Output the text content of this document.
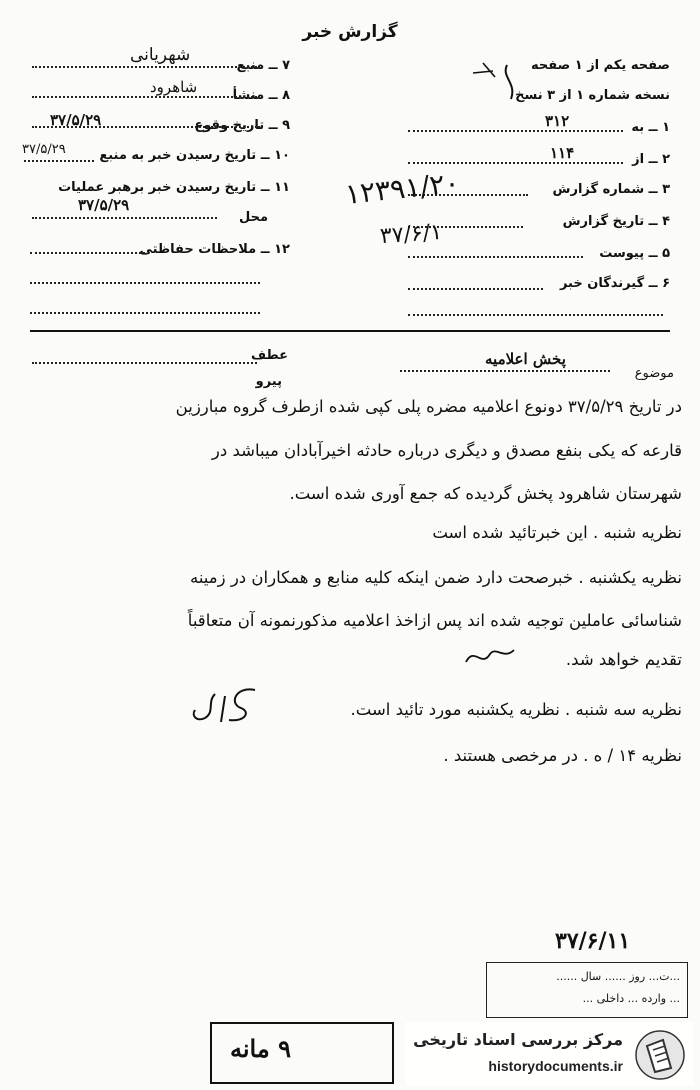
گزارش خبر
۷ ــ منبع
شهریانی
۸ ــ منشأ
شاهرود
۹ ــ تاریخ وقوع
۳۷/۵/۲۹
۱۰ ــ تاریخ رسیدن خبر به منبع
۳۷/۵/۲۹
۱۱ ــ تاریخ رسیدن خبر برهبر عملیات
۳۷/۵/۲۹
محل
۱۲ ــ ملاحظات حفاظتی
صفحه یکم از ۱ صفحه
نسخه شماره ۱ از ۳ نسخ
۱ ــ به
۳۱۲
۲ ــ از
۱۱۴
۳ ــ شماره گزارش
۴ ــ تاریخ گزارش
۵ ــ پیوست
۶ ــ گیرندگان خبر
۱۲۳۹۱/۲۰
۳۷/۶/۱
موضوع
پخش اعلامیه
عطف
پیرو
در تاریخ ۳۷/۵/۲۹ دونوع اعلامیه مضره پلی کپی شده ازطرف گروه مبارزین
قارعه که یکی بنفع مصدق و دیگری درباره حادثه اخیرآبادان میباشد در
شهرستان شاهرود پخش گردیده که جمع آوری شده است.
نظریه شنبه . این خبرتائید شده است
نظریه یکشنبه . خبرصحت دارد ضمن اینکه کلیه منابع و همکاران در زمینه
شناسائی عاملین توجیه شده اند پس ازاخذ اعلامیه مذکورنمونه آن متعاقباً
تقدیم خواهد شد.
نظریه سه شنبه . نظریه یکشنبه مورد تائید است.
نظریه ۱۴ / ه . در مرخصی هستند .
۳۷/۶/۱۱
...ت... روز ...... سال ......
... وارده ... داخلی ...
۹ مانه	مرکز بررسی اسناد تاریخی
historydocuments.ir
